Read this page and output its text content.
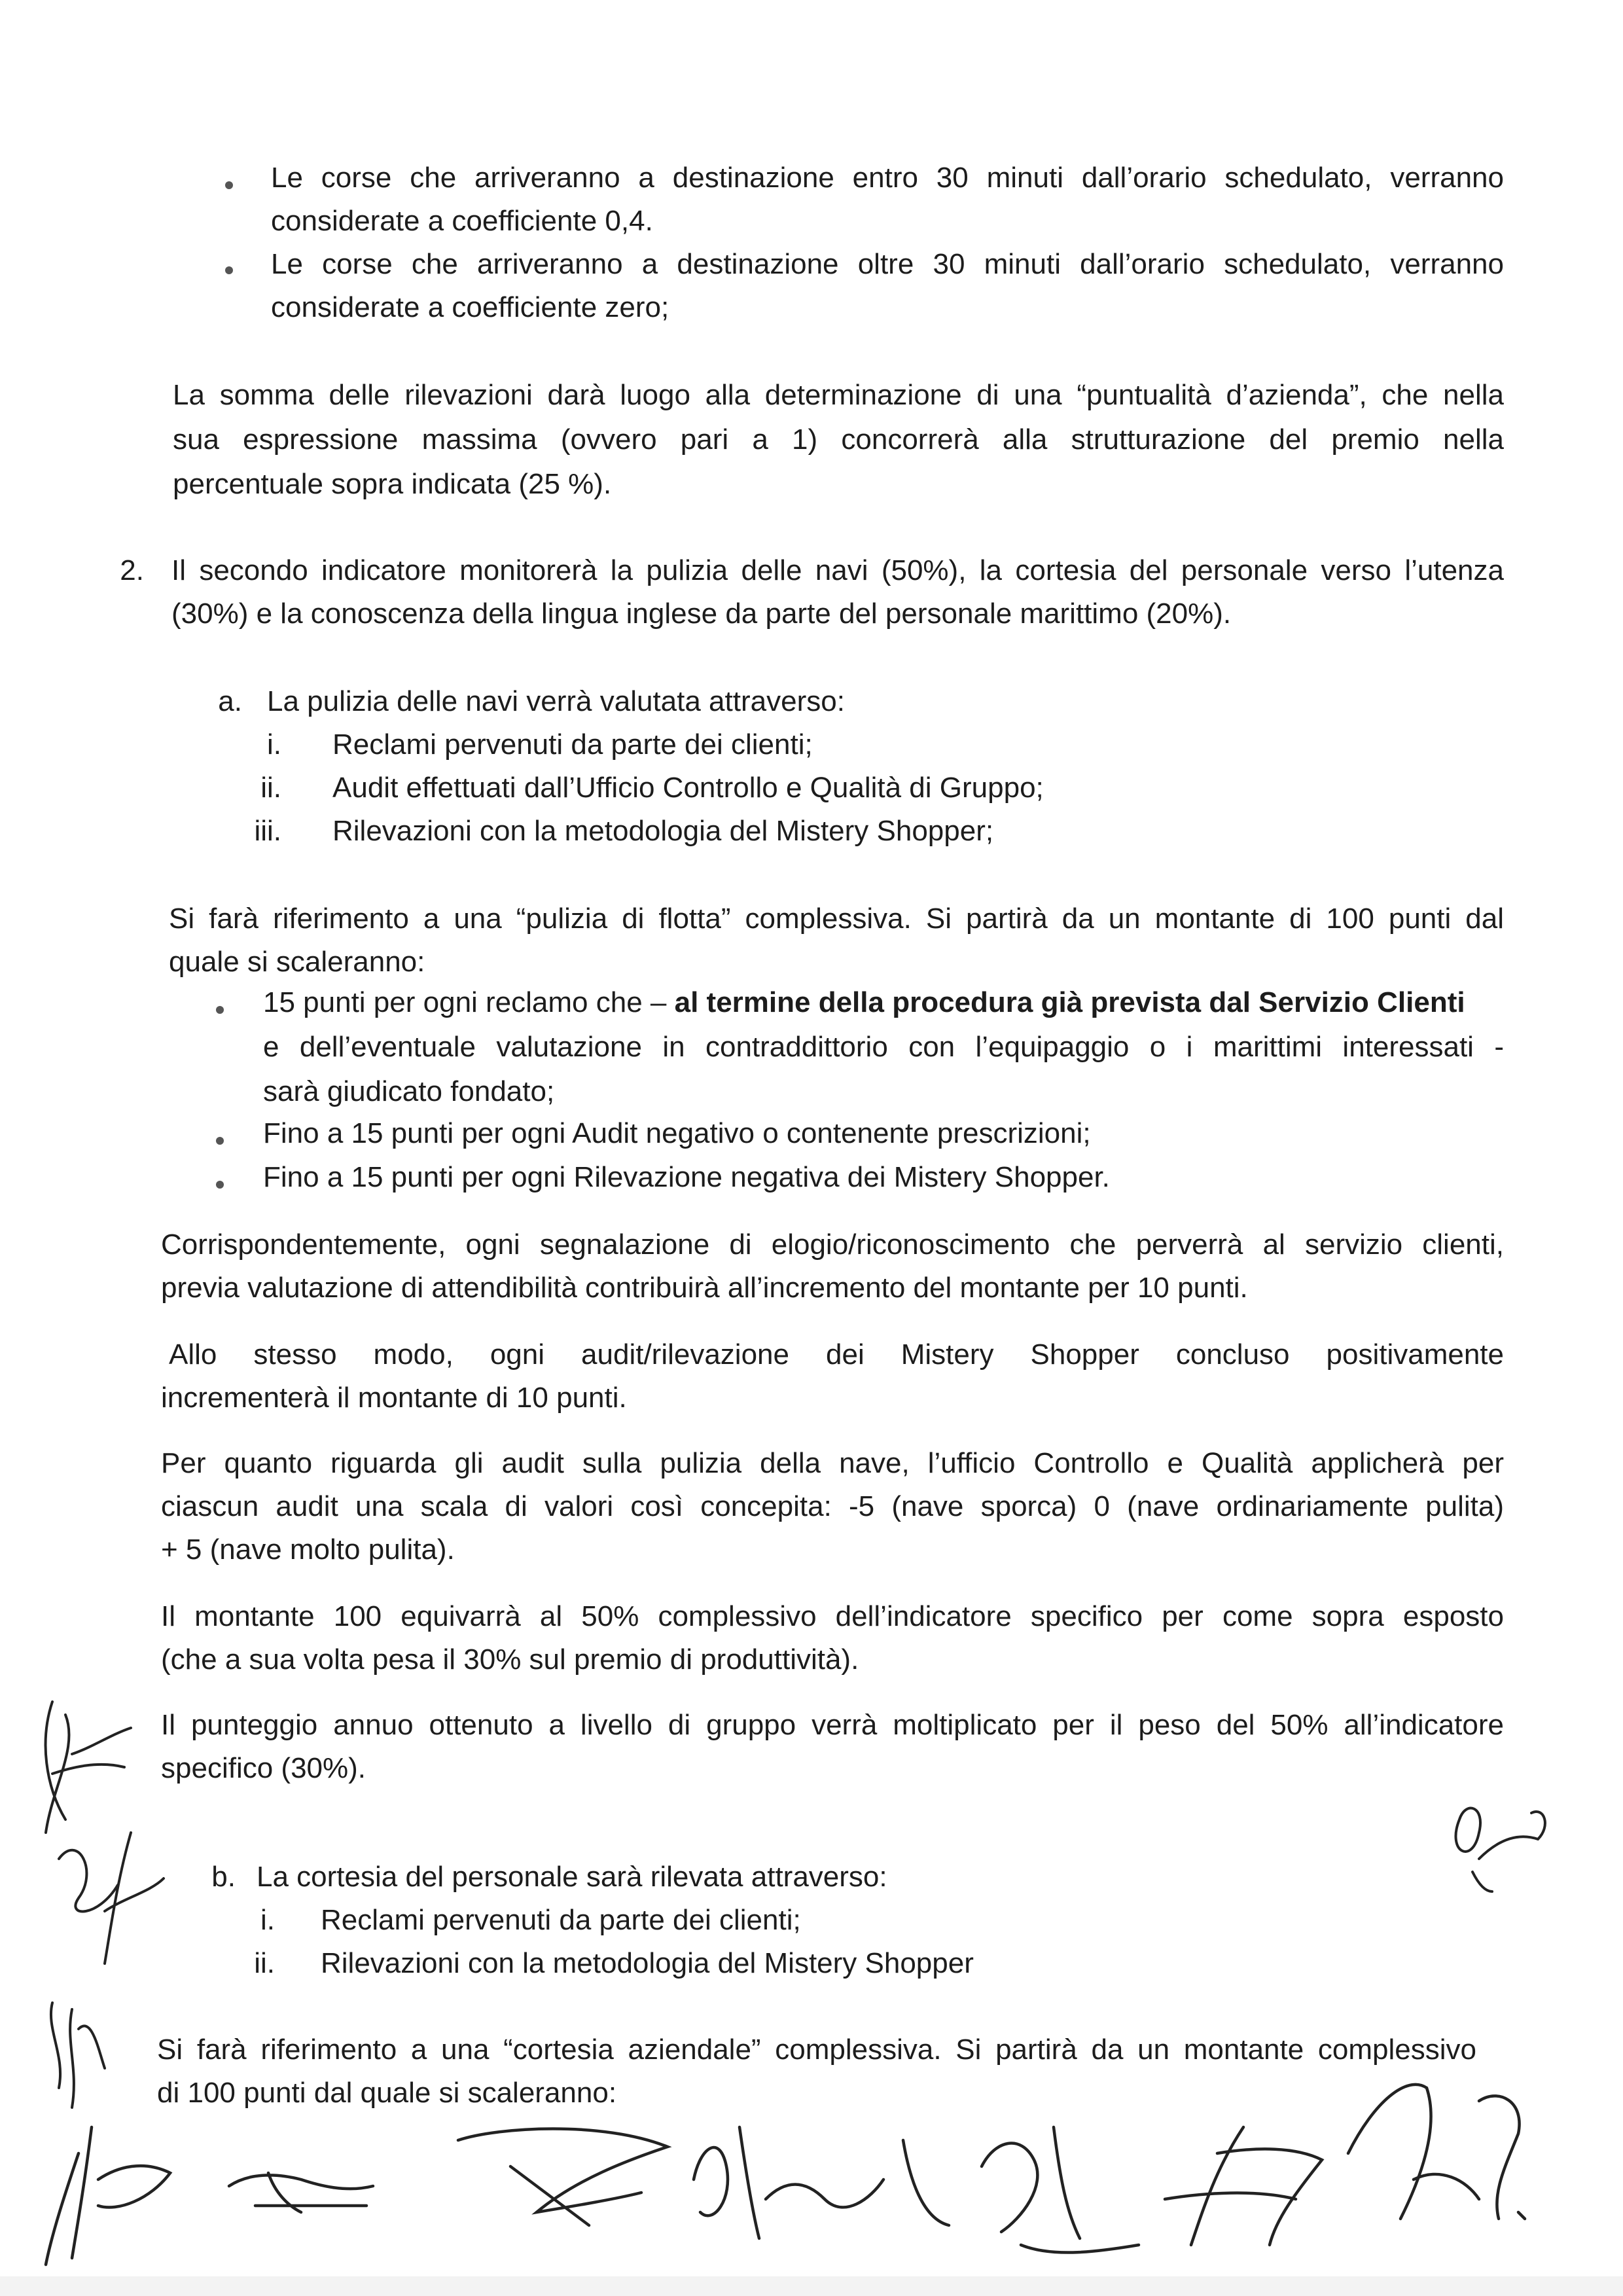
Le corse che arriveranno a destinazione entro 30 minuti dall’orario schedulato, verranno
considerate a coefficiente 0,4.
Le corse che arriveranno a destinazione oltre 30 minuti dall’orario schedulato, verranno
considerate a coefficiente zero;
La somma delle rilevazioni darà luogo alla determinazione di una “puntualità d’azienda”, che nella
sua espressione massima (ovvero pari a 1) concorrerà alla strutturazione del premio nella
percentuale sopra indicata (25 %).
2. Il secondo indicatore monitorerà la pulizia delle navi (50%), la cortesia del personale verso l’utenza
(30%) e la conoscenza della lingua inglese da parte del personale marittimo (20%).
a. La pulizia delle navi verrà valutata attraverso:
i. Reclami pervenuti da parte dei clienti;
ii. Audit effettuati dall’Ufficio Controllo e Qualità di Gruppo;
iii. Rilevazioni con la metodologia del Mistery Shopper;
Si farà riferimento a una “pulizia di flotta” complessiva. Si partirà da un montante di 100 punti dal
quale si scaleranno:
15 punti per ogni reclamo che – al termine della procedura già prevista dal Servizio Clienti
e dell’eventuale valutazione in contraddittorio con l’equipaggio o i marittimi interessati -
sarà giudicato fondato;
Fino a 15 punti per ogni Audit negativo o contenente prescrizioni;
Fino a 15 punti per ogni Rilevazione negativa dei Mistery Shopper.
Corrispondentemente, ogni segnalazione di elogio/riconoscimento che perverrà al servizio clienti,
previa valutazione di attendibilità contribuirà all’incremento del montante per 10 punti.
Allo stesso modo, ogni audit/rilevazione dei Mistery Shopper concluso positivamente
incrementerà il montante di 10 punti.
Per quanto riguarda gli audit sulla pulizia della nave, l’ufficio Controllo e Qualità applicherà per
ciascun audit una scala di valori così concepita: -5 (nave sporca) 0 (nave ordinariamente pulita)
+ 5 (nave molto pulita).
Il montante 100 equivarrà al 50% complessivo dell’indicatore specifico per come sopra esposto
(che a sua volta pesa il 30% sul premio di produttività).
Il punteggio annuo ottenuto a livello di gruppo verrà moltiplicato per il peso del 50% all’indicatore
specifico (30%).
b. La cortesia del personale sarà rilevata attraverso:
i. Reclami pervenuti da parte dei clienti;
ii. Rilevazioni con la metodologia del Mistery Shopper
Si farà riferimento a una “cortesia aziendale” complessiva. Si partirà da un montante complessivo
di 100 punti dal quale si scaleranno:
